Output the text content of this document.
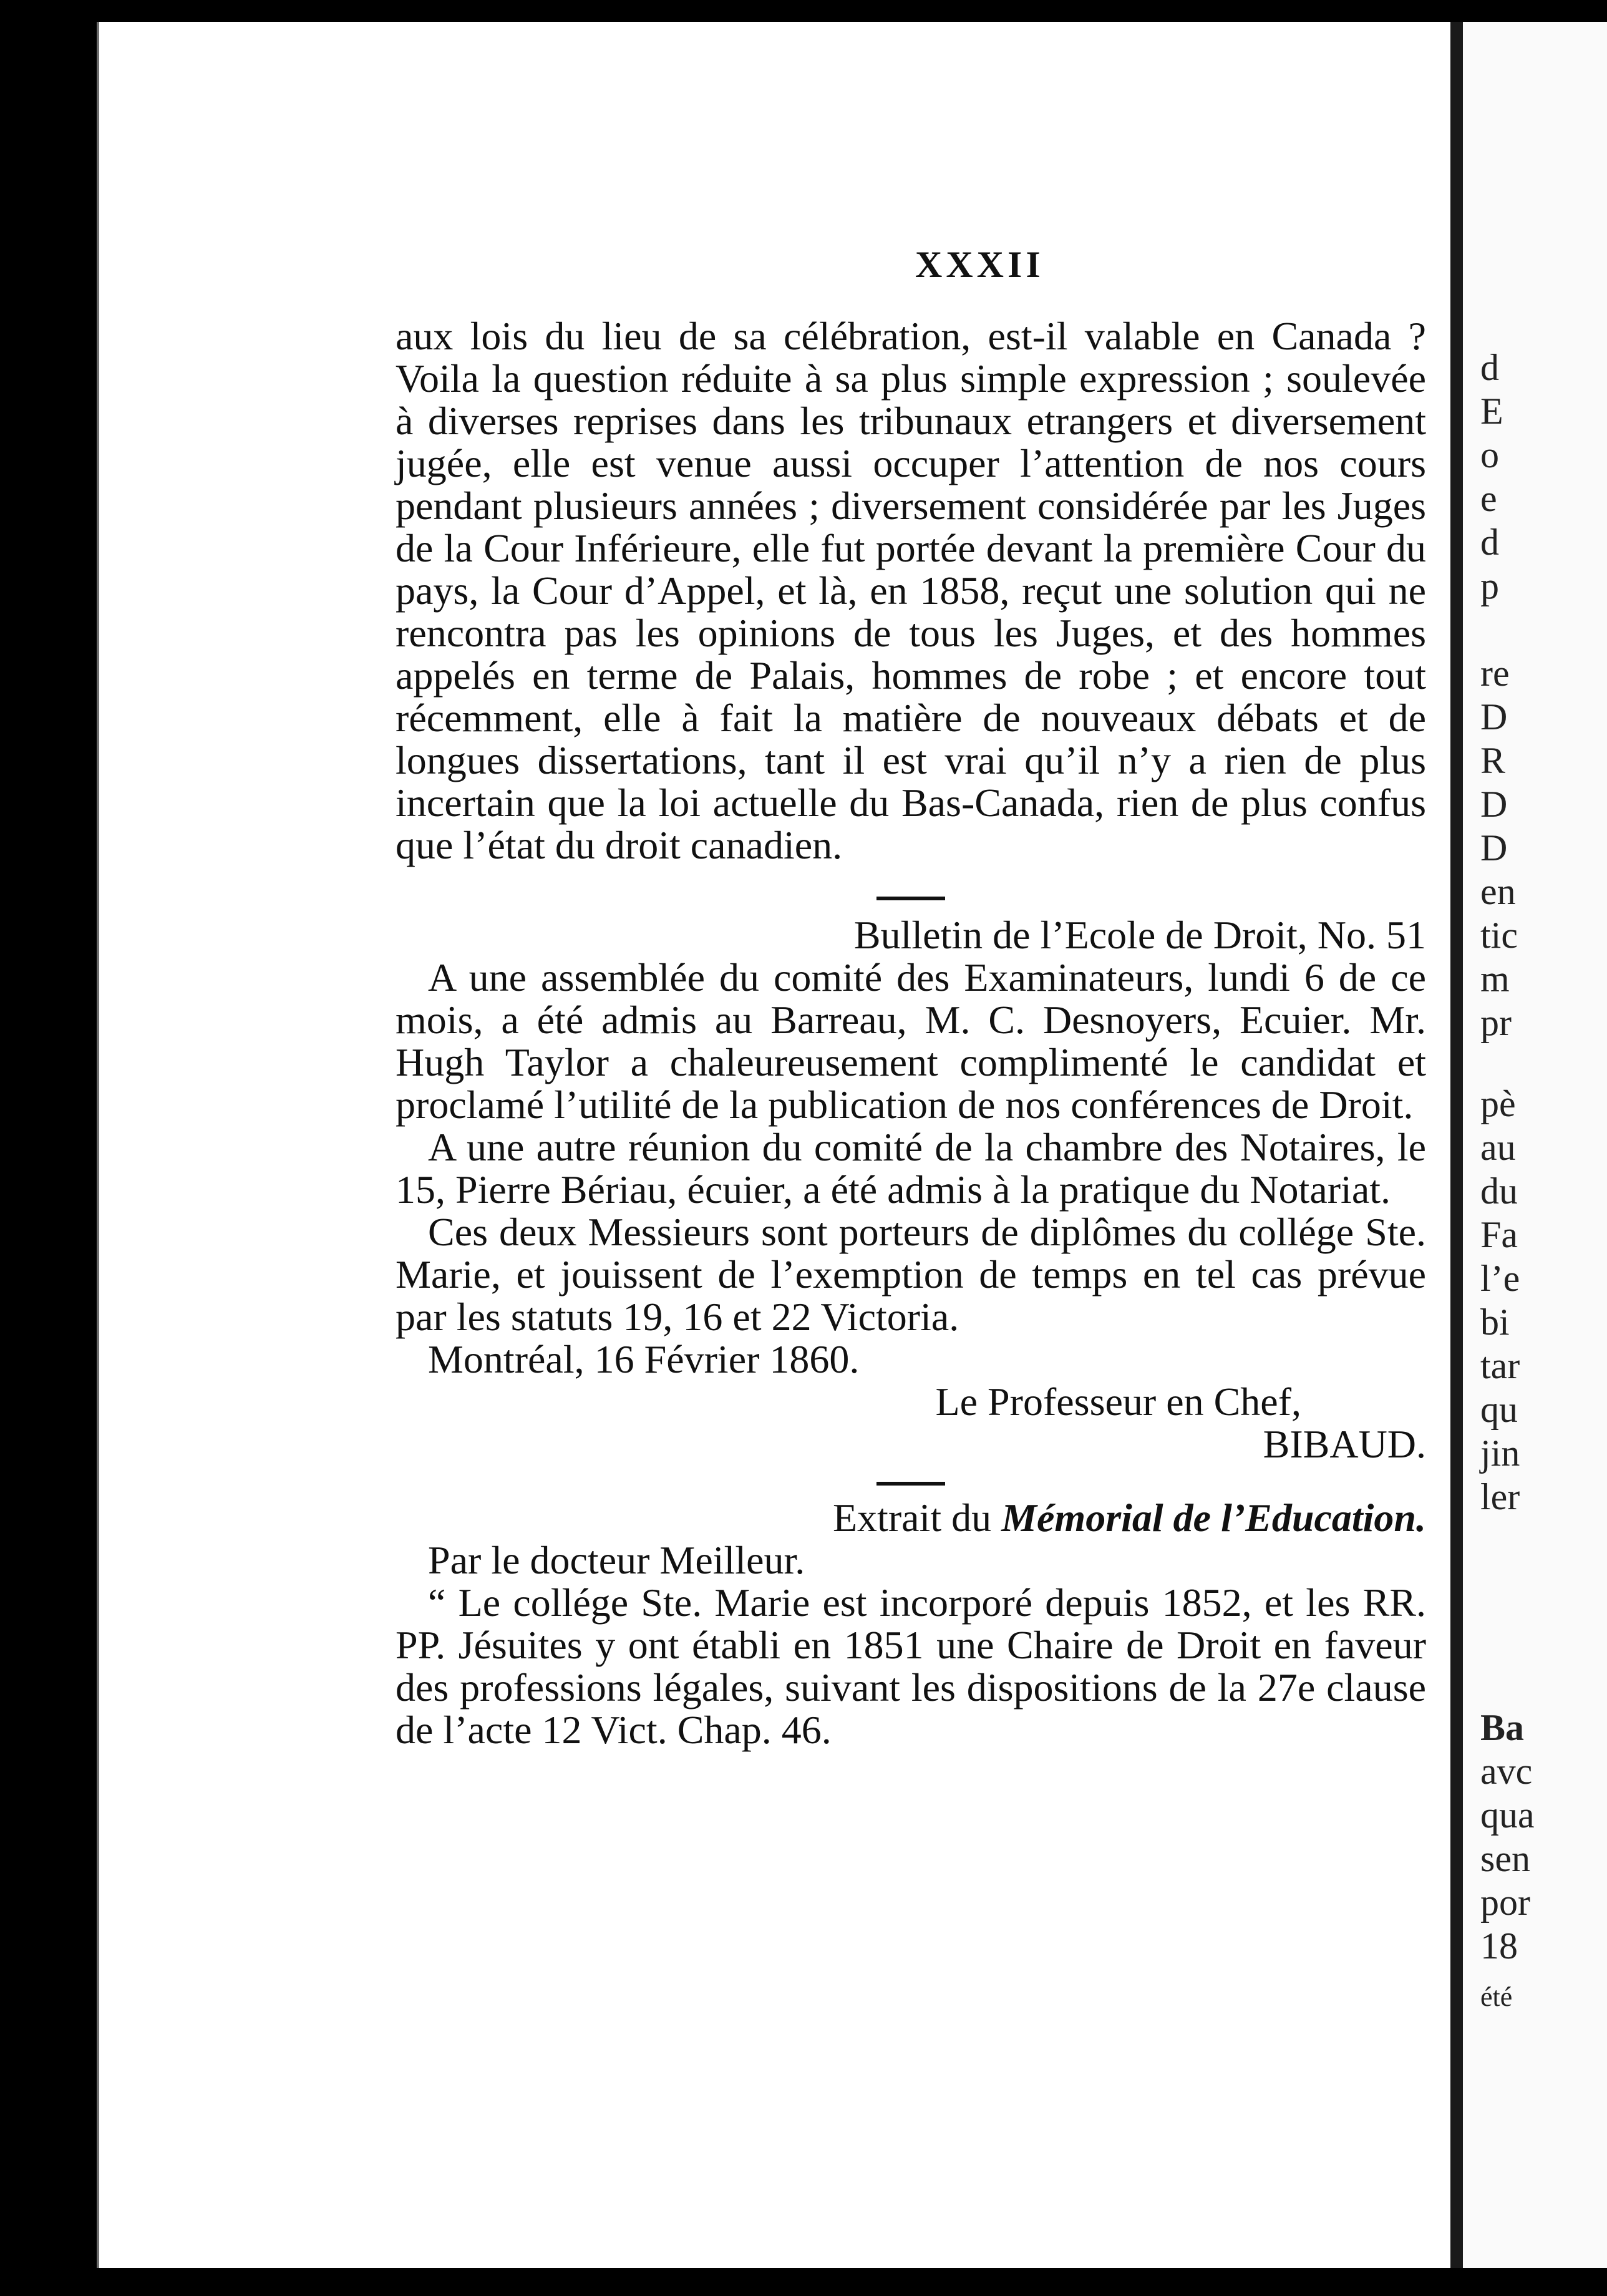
XXXII

aux lois du lieu de sa célébration, est-il valable en Canada ? Voila la question réduite à sa plus simple expression ; soulevée à diverses reprises dans les tribunaux etrangers et diversement jugée, elle est venue aussi occuper l’attention de nos cours pendant plusieurs années ; diversement considérée par les Juges de la Cour Inférieure, elle fut portée devant la première Cour du pays, la Cour d’Appel, et là, en 1858, reçut une solution qui ne rencontra pas les opinions de tous les Juges, et des hommes appelés en terme de Palais, hommes de robe ; et encore tout récemment, elle à fait la matière de nouveaux débats et de longues dissertations, tant il est vrai qu’il n’y a rien de plus incertain que la loi actuelle du Bas-Canada, rien de plus confus que l’état du droit canadien.

Bulletin de l’Ecole de Droit, No. 51

A une assemblée du comité des Examinateurs, lundi 6 de ce mois, a été admis au Barreau, M. C. Desnoyers, Ecuier. Mr. Hugh Taylor a chaleureusement complimenté le candidat et proclamé l’utilité de la publication de nos conférences de Droit.

A une autre réunion du comité de la chambre des Notaires, le 15, Pierre Bériau, écuier, a été admis à la pratique du Notariat.

Ces deux Messieurs sont porteurs de diplômes du collége Ste. Marie, et jouissent de l’exemption de temps en tel cas prévue par les statuts 19, 16 et 22 Victoria.

Montréal, 16 Février 1860.

Le Professeur en Chef,
BIBAUD.
Extrait du Mémorial de l’Education.

Par le docteur Meilleur.

“ Le collége Ste. Marie est incorporé depuis 1852, et les RR. PP. Jésuites y ont établi en 1851 une Chaire de Droit en faveur des professions légales, suivant les dispositions de la 27e clause de l’acte 12 Vict. Chap. 46.

d
E
o
e
d
p
re
D
R
D
D
en
tic
m
pr
pè
au
du
Fa
l’e
bi
tar
qu
jin
ler
Ba
avc
qua
sen
por
18
été
